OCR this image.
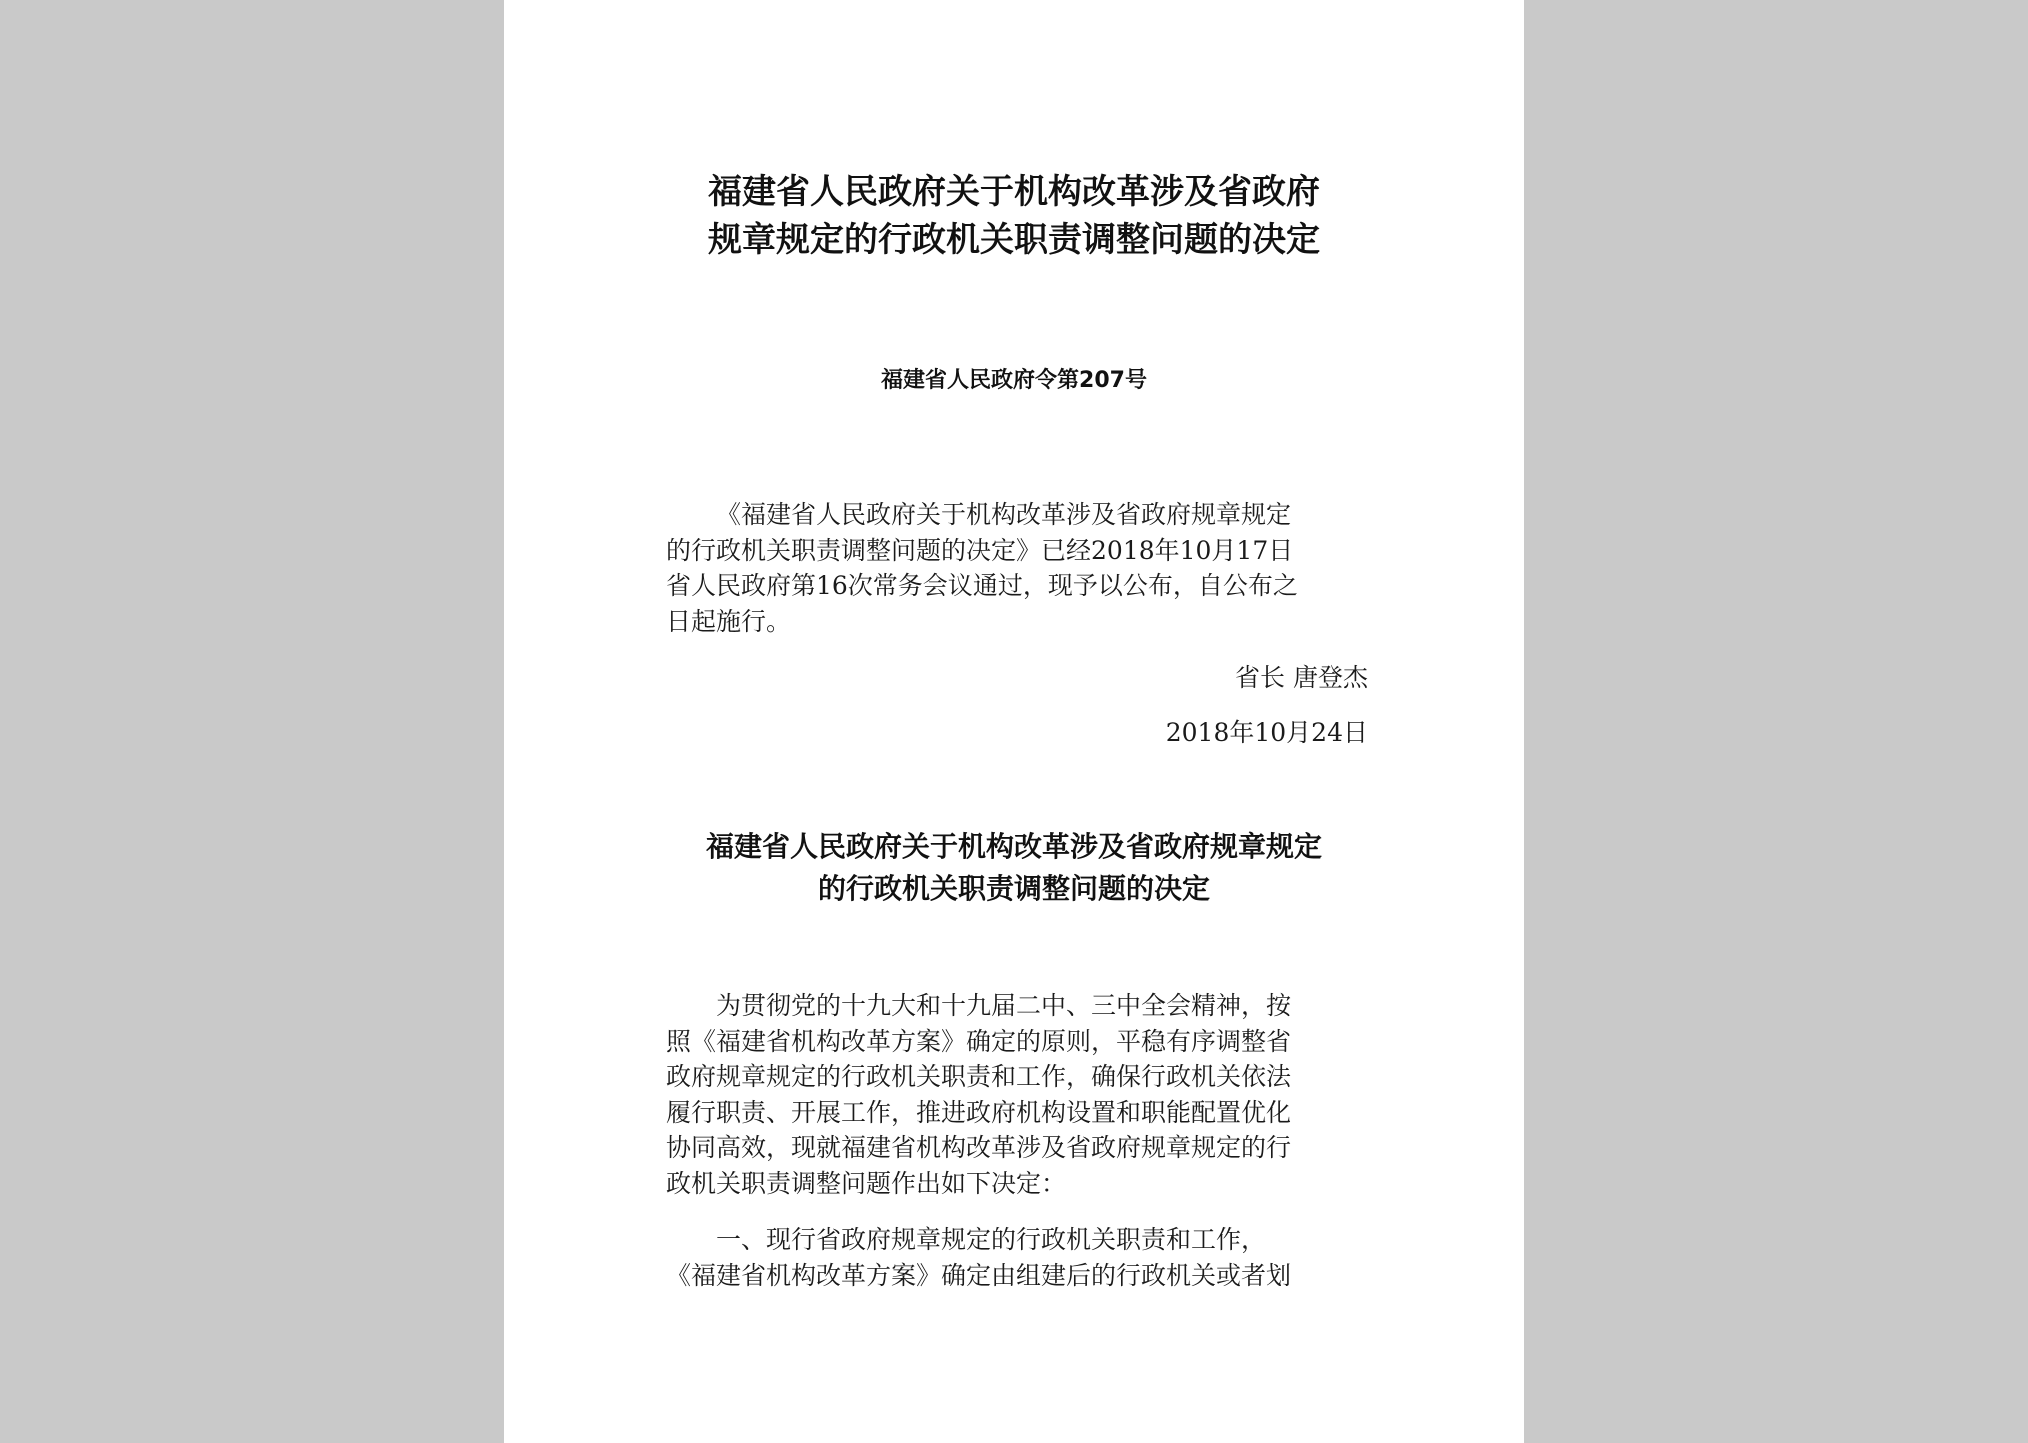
福建省人民政府关于机构改革涉及省政府
规章规定的行政机关职责调整问题的决定
福建省人民政府令第207号

《福建省人民政府关于机构改革涉及省政府规章规定
的行政机关职责调整问题的决定》已经2018年10月17日
省人民政府第16次常务会议通过，现予以公布，自公布之
日起施行。

省长 唐登杰
2018年10月24日
福建省人民政府关于机构改革涉及省政府规章规定
的行政机关职责调整问题的决定

为贯彻党的十九大和十九届二中、三中全会精神，按
照《福建省机构改革方案》确定的原则，平稳有序调整省
政府规章规定的行政机关职责和工作，确保行政机关依法
履行职责、开展工作，推进政府机构设置和职能配置优化
协同高效，现就福建省机构改革涉及省政府规章规定的行
政机关职责调整问题作出如下决定：

一、现行省政府规章规定的行政机关职责和工作，
《福建省机构改革方案》确定由组建后的行政机关或者划
